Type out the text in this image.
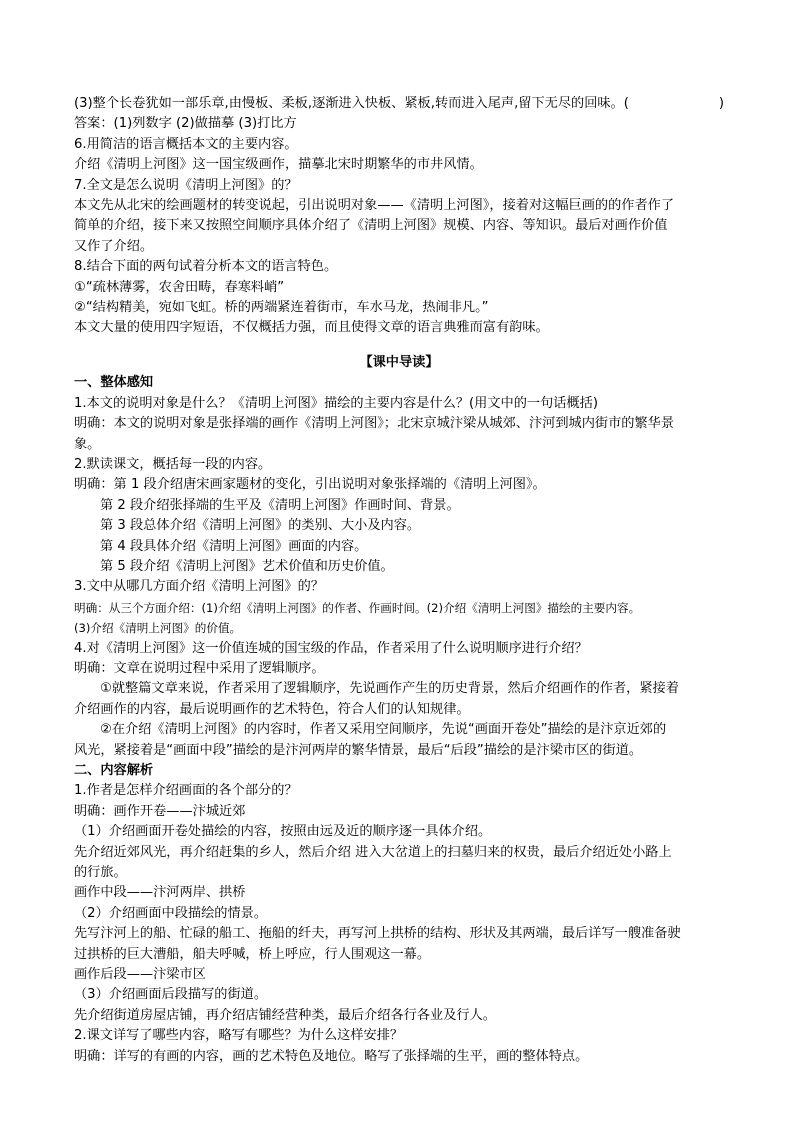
(3)整个长卷犹如一部乐章,由慢板、柔板,逐渐进入快板、紧板,转而进入尾声,留下无尽的回味。(	)

答案：(1)列数字 (2)做描摹 (3)打比方

6.用简洁的语言概括本文的主要内容。

介绍《清明上河图》这一国宝级画作，描摹北宋时期繁华的市井风情。

7.全文是怎么说明《清明上河图》的？

本文先从北宋的绘画题材的转变说起，引出说明对象——《清明上河图》，接着对这幅巨画的的作者作了

简单的介绍，接下来又按照空间顺序具体介绍了《清明上河图》规模、内容、等知识。最后对画作价值

又作了介绍。

8.结合下面的两句试着分析本文的语言特色。

①“疏林薄雾，农舍田畴，春寒料峭”

②“结构精美，宛如飞虹。桥的两端紧连着街市，车水马龙，热闹非凡。”

本文大量的使用四字短语，不仅概括力强，而且使得文章的语言典雅而富有韵味。

【课中导读】

一、整体感知

1.本文的说明对象是什么？《清明上河图》描绘的主要内容是什么？(用文中的一句话概括)

明确：本文的说明对象是张择端的画作《清明上河图》；北宋京城汴梁从城郊、汴河到城内街市的繁华景

象。

2.默读课文，概括每一段的内容。

明确：第 1 段介绍唐宋画家题材的变化，引出说明对象张择端的《清明上河图》。

第 2 段介绍张择端的生平及《清明上河图》作画时间、背景。

第 3 段总体介绍《清明上河图》的类别、大小及内容。

第 4 段具体介绍《清明上河图》画面的内容。

第 5 段介绍《清明上河图》艺术价值和历史价值。

3.文中从哪几方面介绍《清明上河图》的？

明确：从三个方面介绍：(1)介绍《清明上河图》的作者、作画时间。(2)介绍《清明上河图》描绘的主要内容。

(3)介绍《清明上河图》的价值。

4.对《清明上河图》这一价值连城的国宝级的作品，作者采用了什么说明顺序进行介绍？

明确：文章在说明过程中采用了逻辑顺序。

①就整篇文章来说，作者采用了逻辑顺序，先说画作产生的历史背景，然后介绍画作的作者，紧接着

介绍画作的内容，最后说明画作的艺术特色，符合人们的认知规律。

②在介绍《清明上河图》的内容时，作者又采用空间顺序，先说“画面开卷处”描绘的是汴京近郊的

风光，紧接着是“画面中段”描绘的是汴河两岸的繁华情景，最后“后段”描绘的是汴梁市区的街道。

二、内容解析

1.作者是怎样介绍画面的各个部分的？

明确：画作开卷——汴城近郊

（1）介绍画面开卷处描绘的内容，按照由远及近的顺序逐一具体介绍。

先介绍近郊风光，再介绍赶集的乡人，然后介绍 进入大岔道上的扫墓归来的权贵，最后介绍近处小路上

的行旅。

画作中段——汴河两岸、拱桥

（2）介绍画面中段描绘的情景。

先写汴河上的船、忙碌的船工、拖船的纤夫，再写河上拱桥的结构、形状及其两端，最后详写一艘准备驶

过拱桥的巨大漕船，船夫呼喊，桥上呼应，行人围观这一幕。

画作后段——汴梁市区

（3）介绍画面后段描写的街道。

先介绍街道房屋店铺，再介绍店铺经营种类，最后介绍各行各业及行人。

2.课文详写了哪些内容，略写有哪些？为什么这样安排？

明确：详写的有画的内容，画的艺术特色及地位。略写了张择端的生平，画的整体特点。
